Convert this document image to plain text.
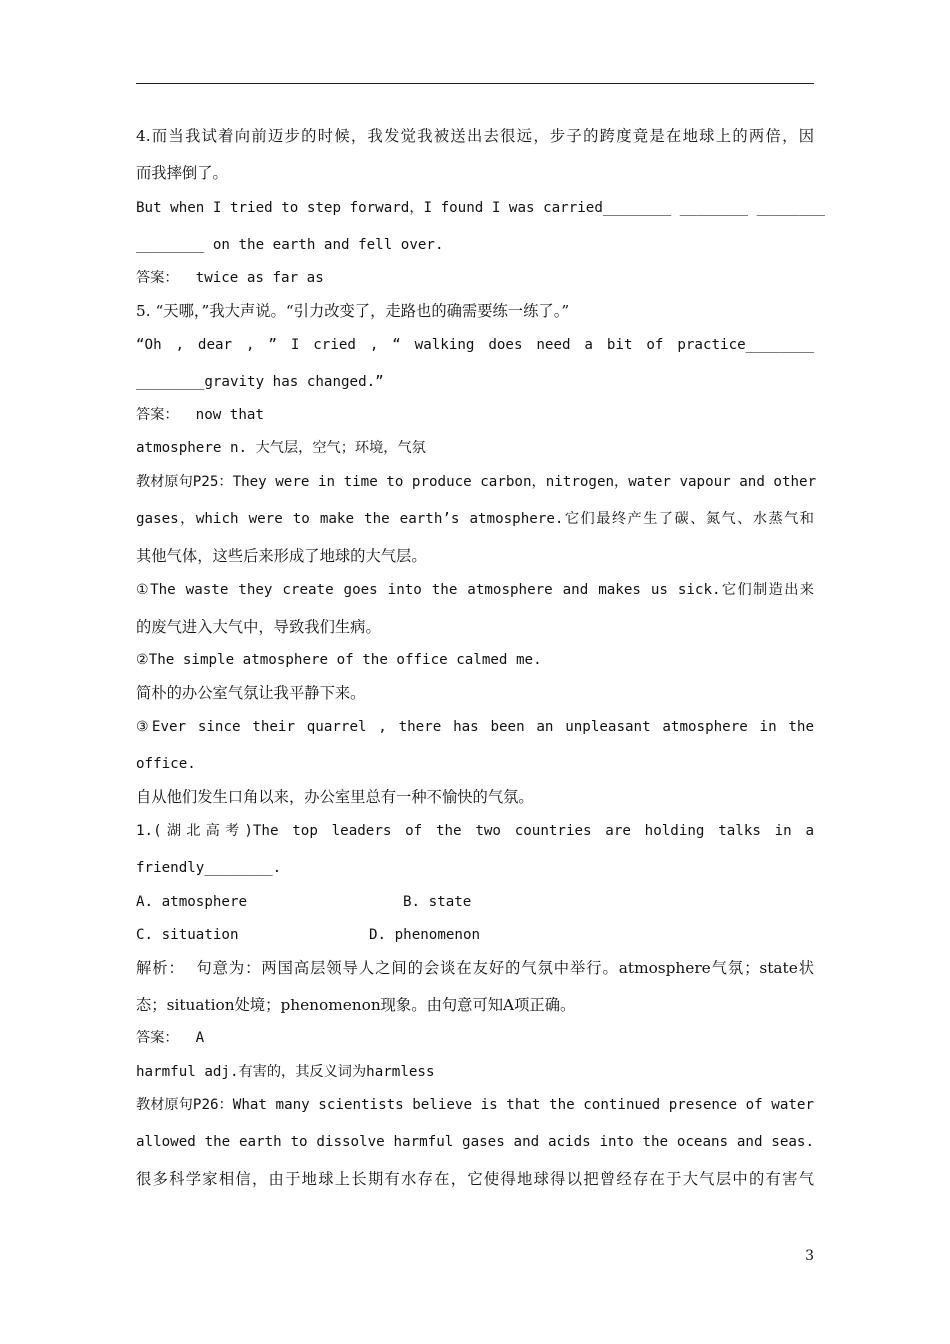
4.而当我试着向前迈步的时候，我发觉我被送出去很远，步子的跨度竟是在地球上的两倍，因
而我摔倒了。
But when I tried to step forward，I found I was carried________ ________ ________
________ on the earth and fell over.
答案：  twice as far as
5. “天哪，”我大声说。“引力改变了，走路也的确需要练一练了。”
“Oh , dear , ” I cried , “ walking does need a bit of practice________
________gravity has changed.”
答案：  now that
atmosphere n. 大气层，空气；环境，气氛
教材原句P25：They were in time to produce carbon，nitrogen，water vapour and other
gases，which were to make the earth’s atmosphere.它们最终产生了碳、氮气、水蒸气和
其他气体，这些后来形成了地球的大气层。
①The waste they create goes into the atmosphere and makes us sick.它们制造出来
的废气进入大气中，导致我们生病。
②The simple atmosphere of the office calmed me.
简朴的办公室气氛让我平静下来。
③Ever since their quarrel , there has been an unpleasant atmosphere in the
office.
自从他们发生口角以来，办公室里总有一种不愉快的气氛。
1.(湖北高考)The top leaders of the two countries are holding talks in a
friendly________.
A. atmosphere	B. state
C. situation	D. phenomenon
解析：  句意为：两国高层领导人之间的会谈在友好的气氛中举行。atmosphere气氛；state状
态；situation处境；phenomenon现象。由句意可知A项正确。
答案：  A
harmful adj.有害的，其反义词为harmless
教材原句P26：What many scientists believe is that the continued presence of water
allowed the earth to dissolve harmful gases and acids into the oceans and seas.
很多科学家相信，由于地球上长期有水存在，它使得地球得以把曾经存在于大气层中的有害气
3
